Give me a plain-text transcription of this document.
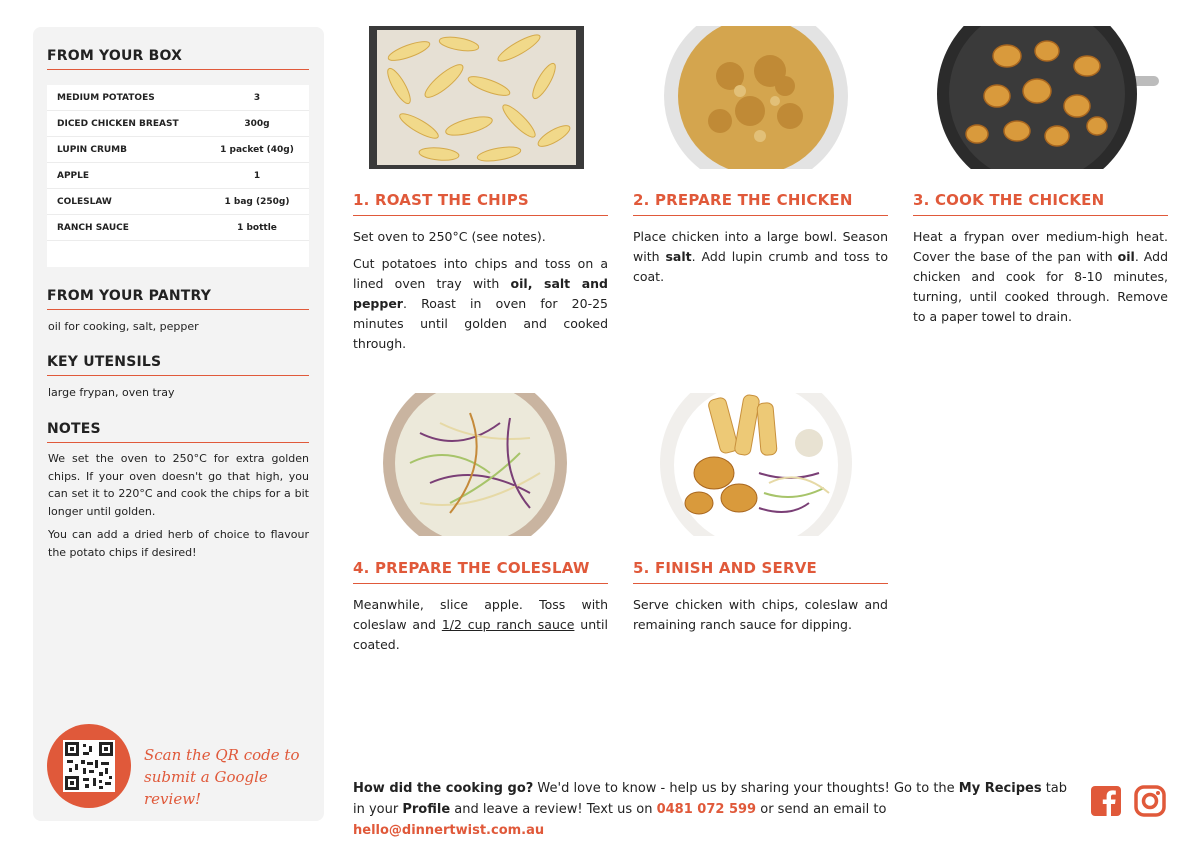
FROM YOUR BOX
MEDIUM POTATOES	3
DICED CHICKEN BREAST	300g
LUPIN CRUMB	1 packet (40g)
APPLE	1
COLESLAW	1 bag (250g)
RANCH SAUCE	1 bottle
FROM YOUR PANTRY
oil for cooking, salt, pepper
KEY UTENSILS
large frypan, oven tray
NOTES

We set the oven to 250°C for extra golden chips. If your oven doesn't go that high, you can set it to 220°C and cook the chips for a bit longer until golden.

You can add a dried herb of choice to flavour the potato chips if desired!

Scan the QR code to
submit a Google review!
1. ROAST THE CHIPS

Set oven to 250°C (see notes).

Cut potatoes into chips and toss on a lined oven tray with oil, salt and pepper. Roast in oven for 20-25 minutes until golden and cooked through.

2. PREPARE THE CHICKEN

Place chicken into a large bowl. Season with salt. Add lupin crumb and toss to coat.

3. COOK THE CHICKEN

Heat a frypan over medium-high heat. Cover the base of the pan with oil. Add chicken and cook for 8-10 minutes, turning, until cooked through. Remove to a paper towel to drain.

4. PREPARE THE COLESLAW

Meanwhile, slice apple. Toss with coleslaw and 1/2 cup ranch sauce until coated.

5. FINISH AND SERVE

Serve chicken with chips, coleslaw and remaining ranch sauce for dipping.

How did the cooking go? We'd love to know - help us by sharing your thoughts! Go to the My Recipes tab in your Profile and leave a review! Text us on 0481 072 599 or send an email to hello@dinnertwist.com.au
